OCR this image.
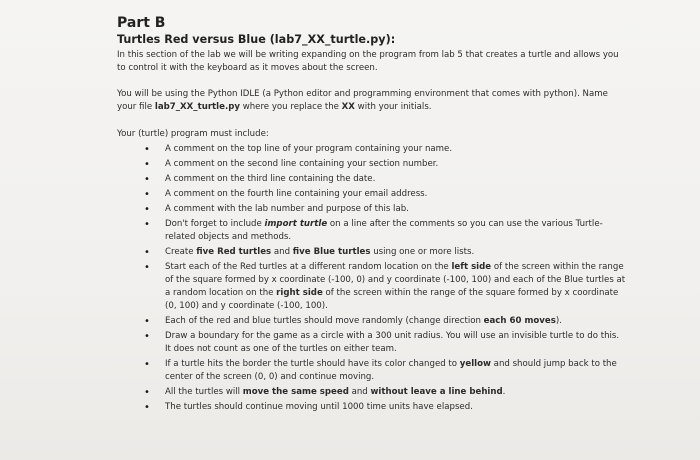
Part B

Turtles Red versus Blue (lab7_XX_turtle.py):

In this section of the lab we will be writing expanding on the program from lab 5 that creates a turtle and allows you to control it with the keyboard as it moves about the screen.

You will be using the Python IDLE (a Python editor and programming environment that comes with python). Name your file lab7_XX_turtle.py where you replace the XX with your initials.

Your (turtle) program must include:

• A comment on the top line of your program containing your name.
• A comment on the second line containing your section number.
• A comment on the third line containing the date.
• A comment on the fourth line containing your email address.
• A comment with the lab number and purpose of this lab.
• Don't forget to include import turtle on a line after the comments so you can use the various Turtle-related objects and methods.
• Create five Red turtles and five Blue turtles using one or more lists.
• Start each of the Red turtles at a different random location on the left side of the screen within the range of the square formed by x coordinate (-100, 0) and y coordinate (-100, 100) and each of the Blue turtles at a random location on the right side of the screen within the range of the square formed by x coordinate (0, 100) and y coordinate (-100, 100).
• Each of the red and blue turtles should move randomly (change direction each 60 moves).
• Draw a boundary for the game as a circle with a 300 unit radius. You will use an invisible turtle to do this. It does not count as one of the turtles on either team.
• If a turtle hits the border the turtle should have its color changed to yellow and should jump back to the center of the screen (0, 0) and continue moving.
• All the turtles will move the same speed and without leave a line behind.
• The turtles should continue moving until 1000 time units have elapsed.
